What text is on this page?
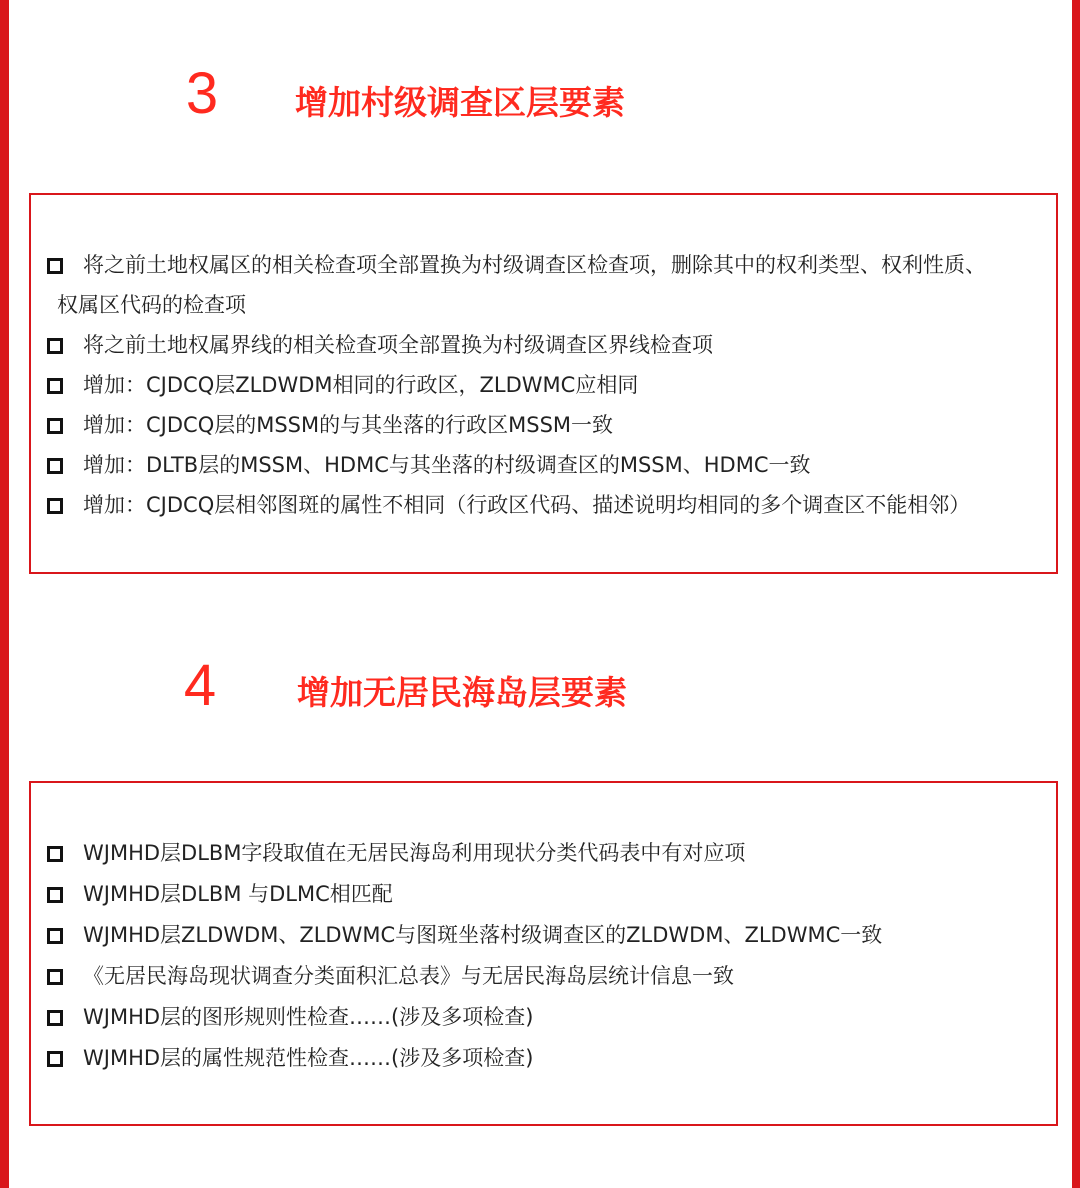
3	增加村级调查区层要素
将之前土地权属区的相关检查项全部置换为村级调查区检查项，删除其中的权利类型、权利性质、
权属区代码的检查项
将之前土地权属界线的相关检查项全部置换为村级调查区界线检查项
增加：CJDCQ层ZLDWDM相同的行政区，ZLDWMC应相同
增加：CJDCQ层的MSSM的与其坐落的行政区MSSM一致
增加：DLTB层的MSSM、HDMC与其坐落的村级调查区的MSSM、HDMC一致
增加：CJDCQ层相邻图斑的属性不相同（行政区代码、描述说明均相同的多个调查区不能相邻）
4	增加无居民海岛层要素
WJMHD层DLBM字段取值在无居民海岛利用现状分类代码表中有对应项
WJMHD层DLBM 与DLMC相匹配
WJMHD层ZLDWDM、ZLDWMC与图斑坐落村级调查区的ZLDWDM、ZLDWMC一致
《无居民海岛现状调查分类面积汇总表》与无居民海岛层统计信息一致
WJMHD层的图形规则性检查……(涉及多项检查)
WJMHD层的属性规范性检查……(涉及多项检查)
